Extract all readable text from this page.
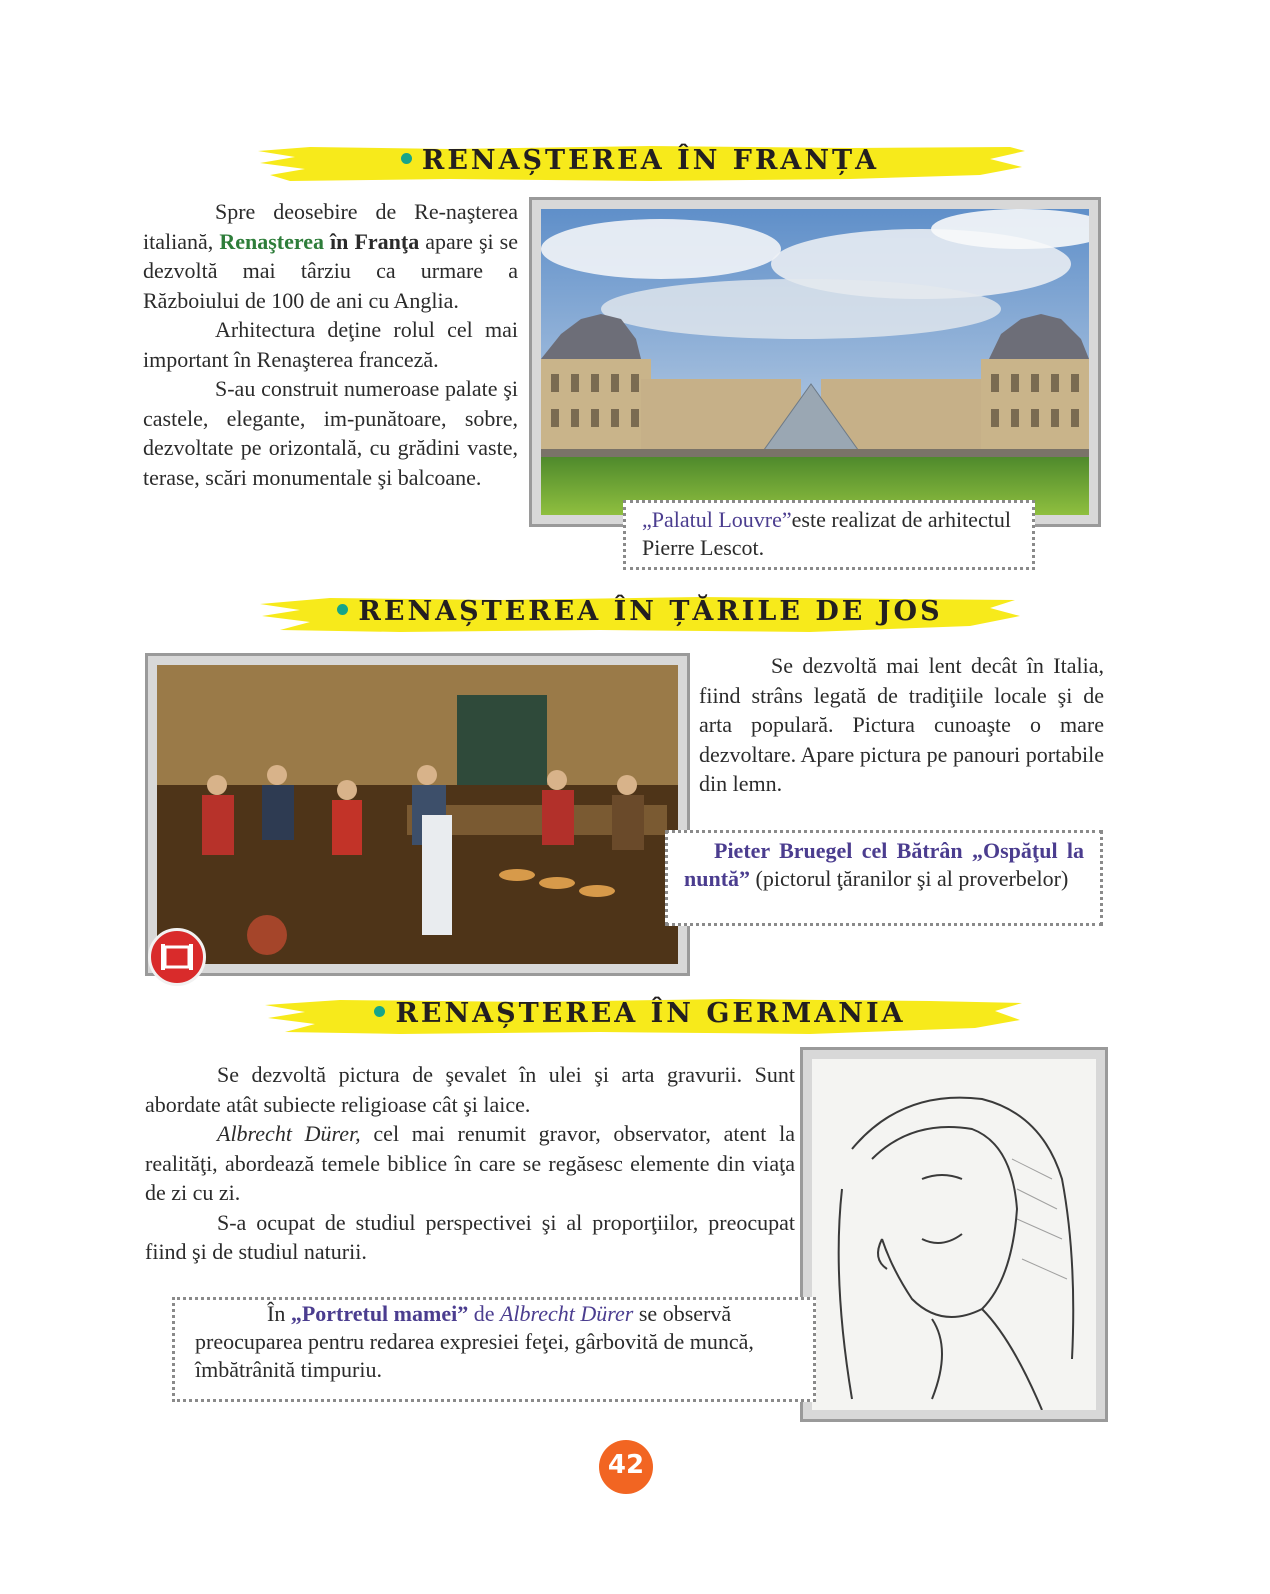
RENAȘTEREA ÎN FRANȚA

Spre deosebire de Re-naşterea italiană, Renaşterea în Franţa apare şi se dezvoltă mai târziu ca urmare a Războiului de 100 de ani cu Anglia.

Arhitectura deţine rolul cel mai important în Renaşterea franceză.

S-au construit numeroase palate şi castele, elegante, im-punătoare, sobre, dezvoltate pe orizontală, cu grădini vaste, terase, scări monumentale şi balcoane.

„Palatul Louvre”este realizat de arhitectul Pierre Lescot.
RENAȘTEREA ÎN ȚĂRILE DE JOS

Se dezvoltă mai lent decât în Italia, fiind strâns legată de tradiţiile locale şi de arta populară. Pictura cunoaşte o mare dezvoltare. Apare pictura pe panouri portabile din lemn.

Pieter Bruegel cel Bătrân „Ospăţul la nuntă” (pictorul ţăranilor şi al proverbelor)
RENAȘTEREA ÎN GERMANIA

Se dezvoltă pictura de şevalet în ulei şi arta gravurii. Sunt abordate atât subiecte religioase cât şi laice.

Albrecht Dürer, cel mai renumit gravor, observator, atent la realităţi, abordează temele biblice în care se regăsesc elemente din viaţa de zi cu zi.

S-a ocupat de studiul perspectivei şi al proporţiilor, preocupat fiind şi de studiul naturii.

În „Portretul mamei” de Albrecht Dürer se observă preocuparea pentru redarea expresiei feţei, gârbovită de muncă, îmbătrânită timpuriu.
42
